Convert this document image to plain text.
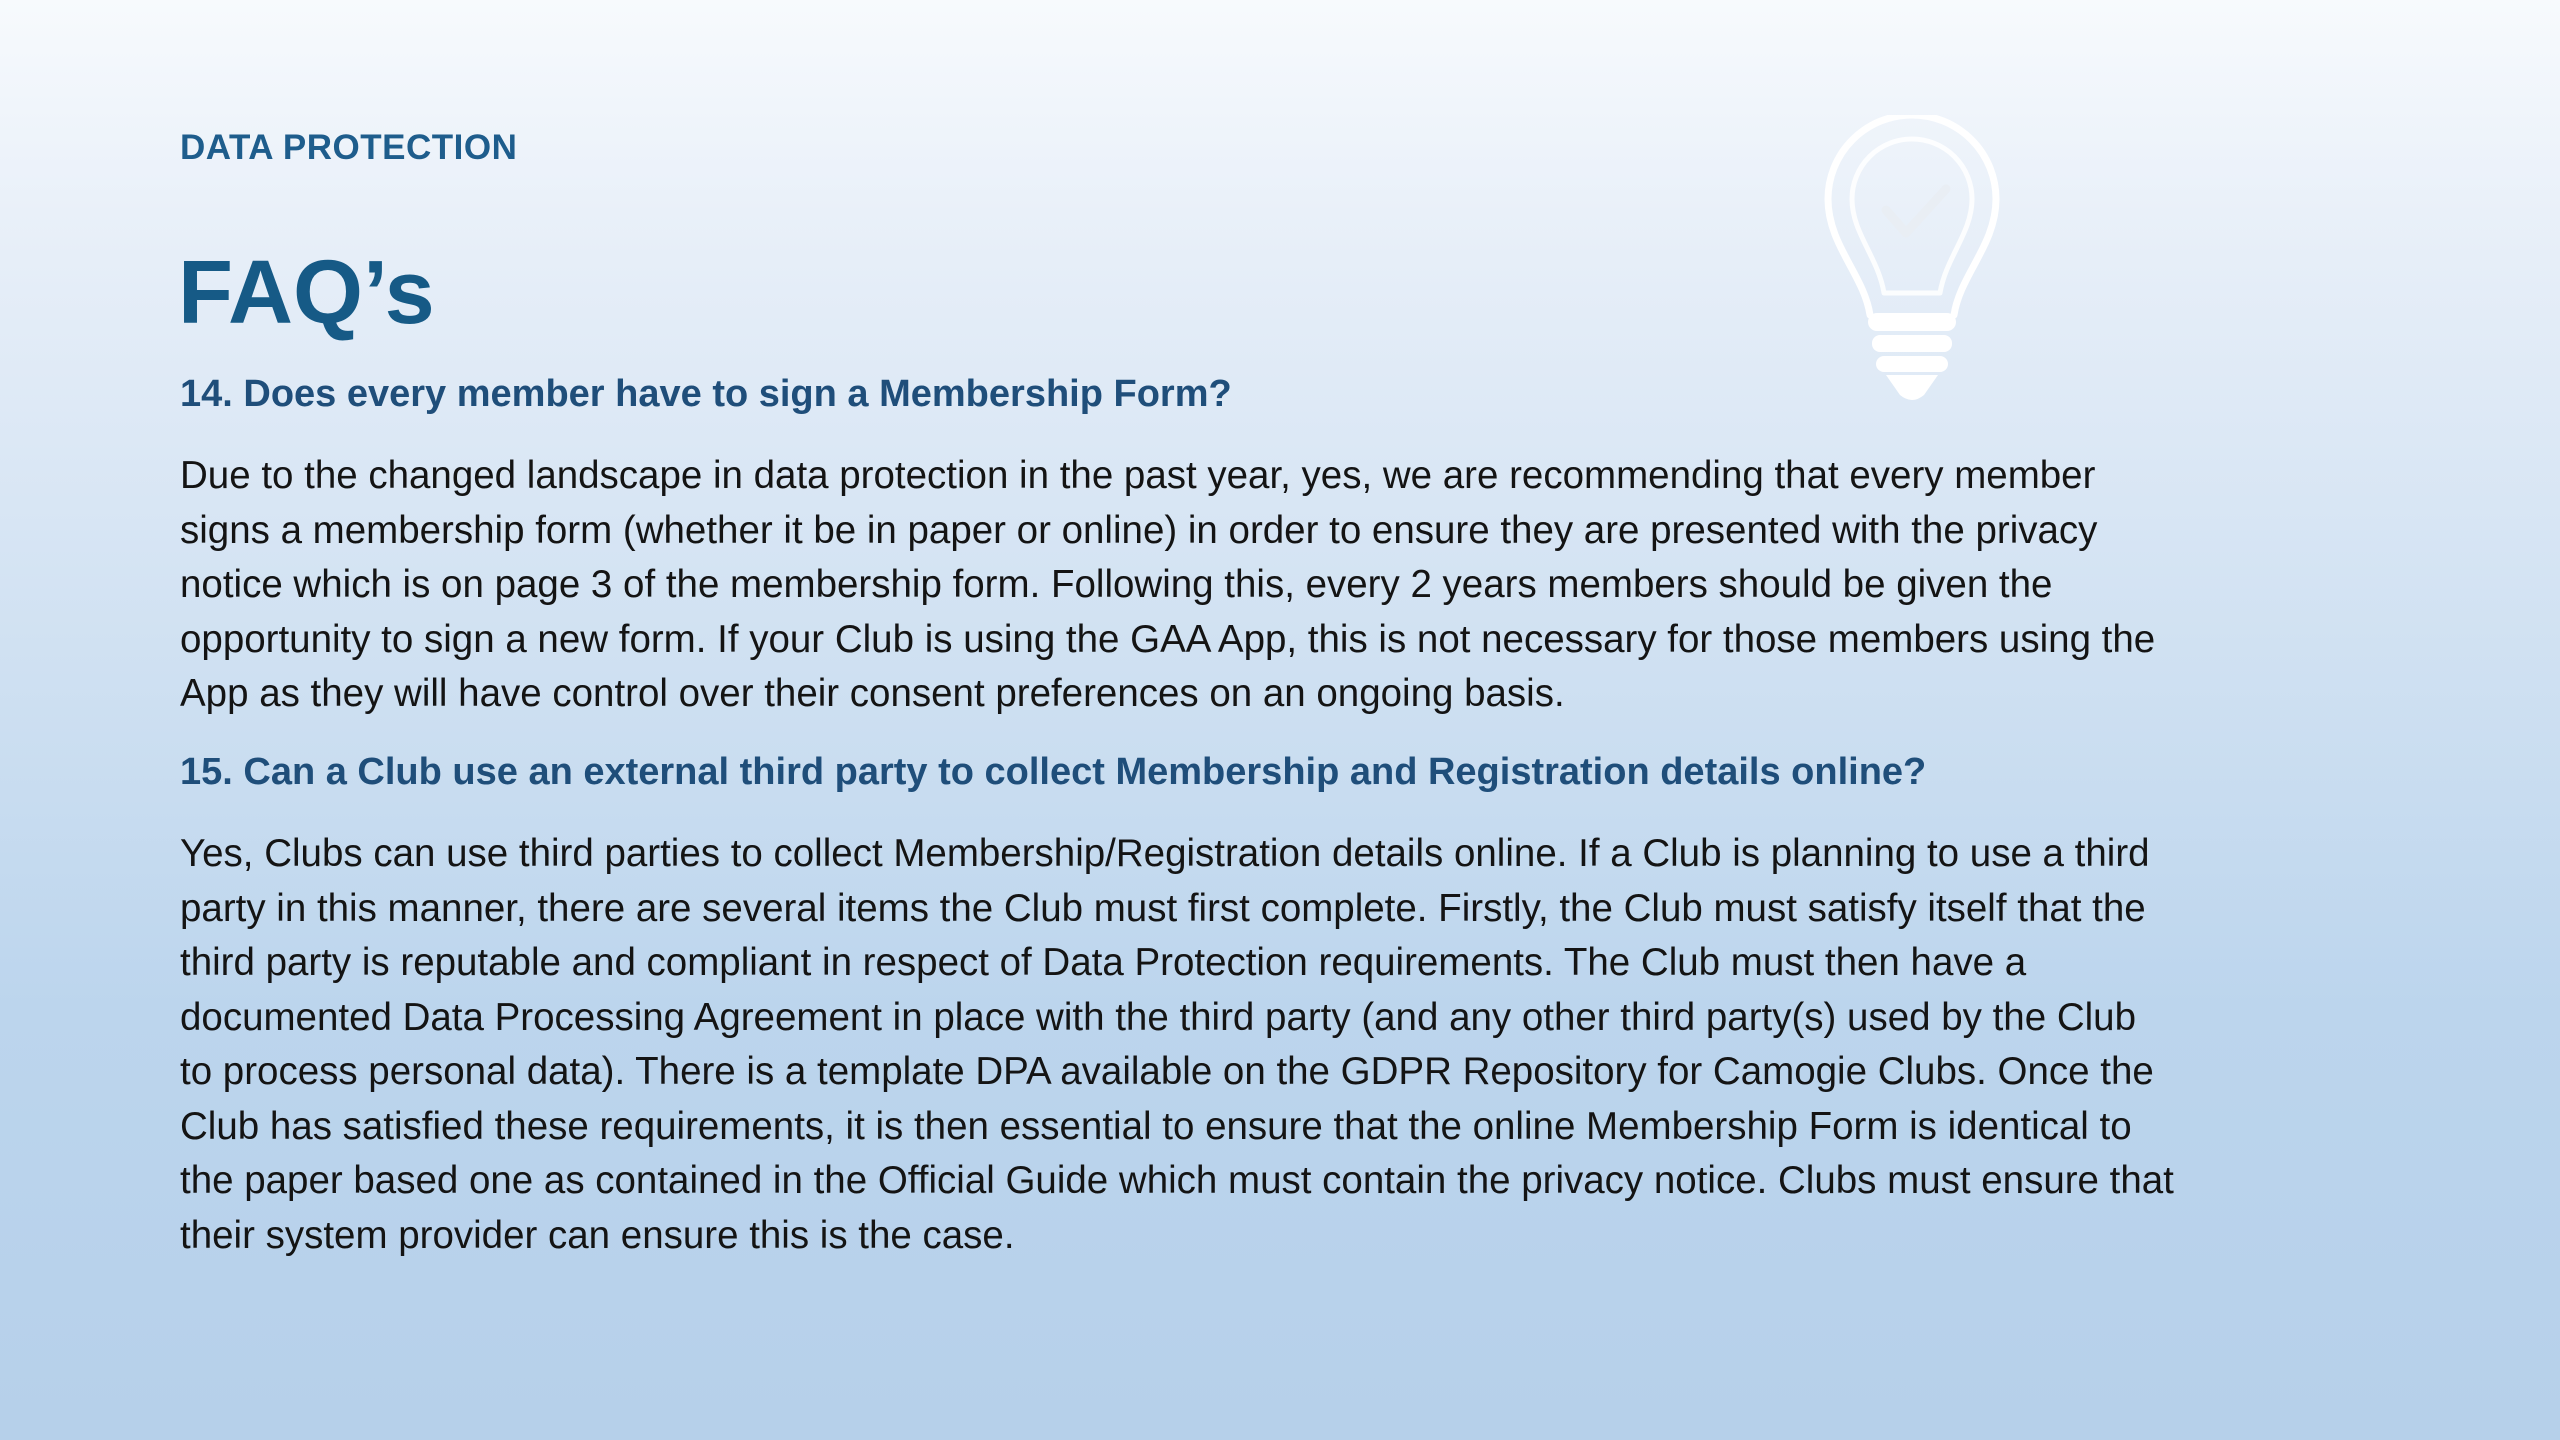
DATA PROTECTION
FAQ’s
14. Does every member have to sign a Membership Form?

Due to the changed landscape in data protection in the past year, yes, we are recommending that every member
signs a membership form (whether it be in paper or online) in order to ensure they are presented with the privacy
notice which is on page 3 of the membership form. Following this, every 2 years members should be given the
opportunity to sign a new form. If your Club is using the GAA App, this is not necessary for those members using the
App as they will have control over their consent preferences on an ongoing basis.

15. Can a Club use an external third party to collect Membership and Registration details online?

Yes, Clubs can use third parties to collect Membership/Registration details online. If a Club is planning to use a third
party in this manner, there are several items the Club must first complete. Firstly, the Club must satisfy itself that the
third party is reputable and compliant in respect of Data Protection requirements. The Club must then have a
documented Data Processing Agreement in place with the third party (and any other third party(s) used by the Club
to process personal data). There is a template DPA available on the GDPR Repository for Camogie Clubs. Once the
Club has satisfied these requirements, it is then essential to ensure that the online Membership Form is identical to
the paper based one as contained in the Official Guide which must contain the privacy notice. Clubs must ensure that
their system provider can ensure this is the case.
